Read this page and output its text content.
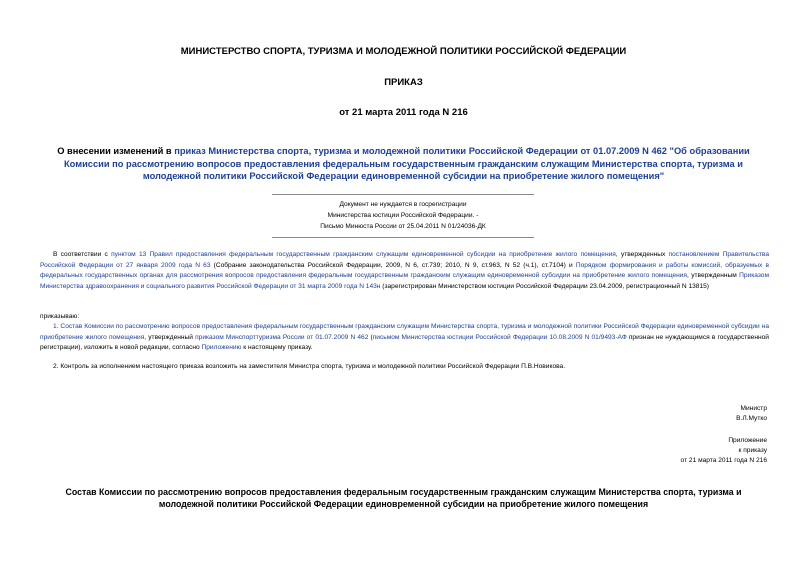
МИНИСТЕРСТВО СПОРТА, ТУРИЗМА И МОЛОДЕЖНОЙ ПОЛИТИКИ РОССИЙСКОЙ ФЕДЕРАЦИИ
ПРИКАЗ
от 21 марта 2011 года N 216
О внесении изменений в приказ Министерства спорта, туризма и молодежной политики Российской Федерации от 01.07.2009 N 462 "Об образовании Комиссии по рассмотрению вопросов предоставления федеральным государственным гражданским служащим Министерства спорта, туризма и молодежной политики Российской Федерации единовременной субсидии на приобретение жилого помещения"
Документ не нуждается в госрегистрации
Министерства юстиции Российской Федерации. -
Письмо Минюста России от 25.04.2011 N 01/24036-ДК
В соответствии с пунктом 13 Правил предоставления федеральным государственным гражданским служащим единовременной субсидии на приобретение жилого помещения, утвержденных постановлением Правительства Российской Федерации от 27 января 2009 года N 63 (Собрание законодательства Российской Федерации, 2009, N 6, ст.739; 2010, N 9, ст.963, N 52 (ч.1), ст.7104) и Порядком формирования и работы комиссий, образуемых в федеральных государственных органах для рассмотрения вопросов предоставления федеральным государственным гражданским служащим единовременной субсидии на приобретение жилого помещения, утвержденным Приказом Министерства здравоохранения и социального развития Российской Федерации от 31 марта 2009 года N 143н (зарегистрирован Министерством юстиции Российской Федерации 23.04.2009, регистрационный N 13815)
приказываю:
1. Состав Комиссии по рассмотрению вопросов предоставления федеральным государственным гражданским служащим Министерства спорта, туризма и молодежной политики Российской Федерации единовременной субсидии на приобретение жилого помещения, утвержденный приказом Минспорттуризма России от 01.07.2009 N 462 (письмом Министерства юстиции Российской Федерации 10.08.2009 N 01/9493-АФ признан не нуждающимся в государственной регистрации), изложить в новой редакции, согласно Приложению к настоящему приказу.
2. Контроль за исполнением настоящего приказа возложить на заместителя Министра спорта, туризма и молодежной политики Российской Федерации П.В.Новикова.
Министр
В.Л.Мутко
Приложение
к приказу
от 21 марта 2011 года N 216
Состав Комиссии по рассмотрению вопросов предоставления федеральным государственным гражданским служащим Министерства спорта, туризма и молодежной политики Российской Федерации единовременной субсидии на приобретение жилого помещения
